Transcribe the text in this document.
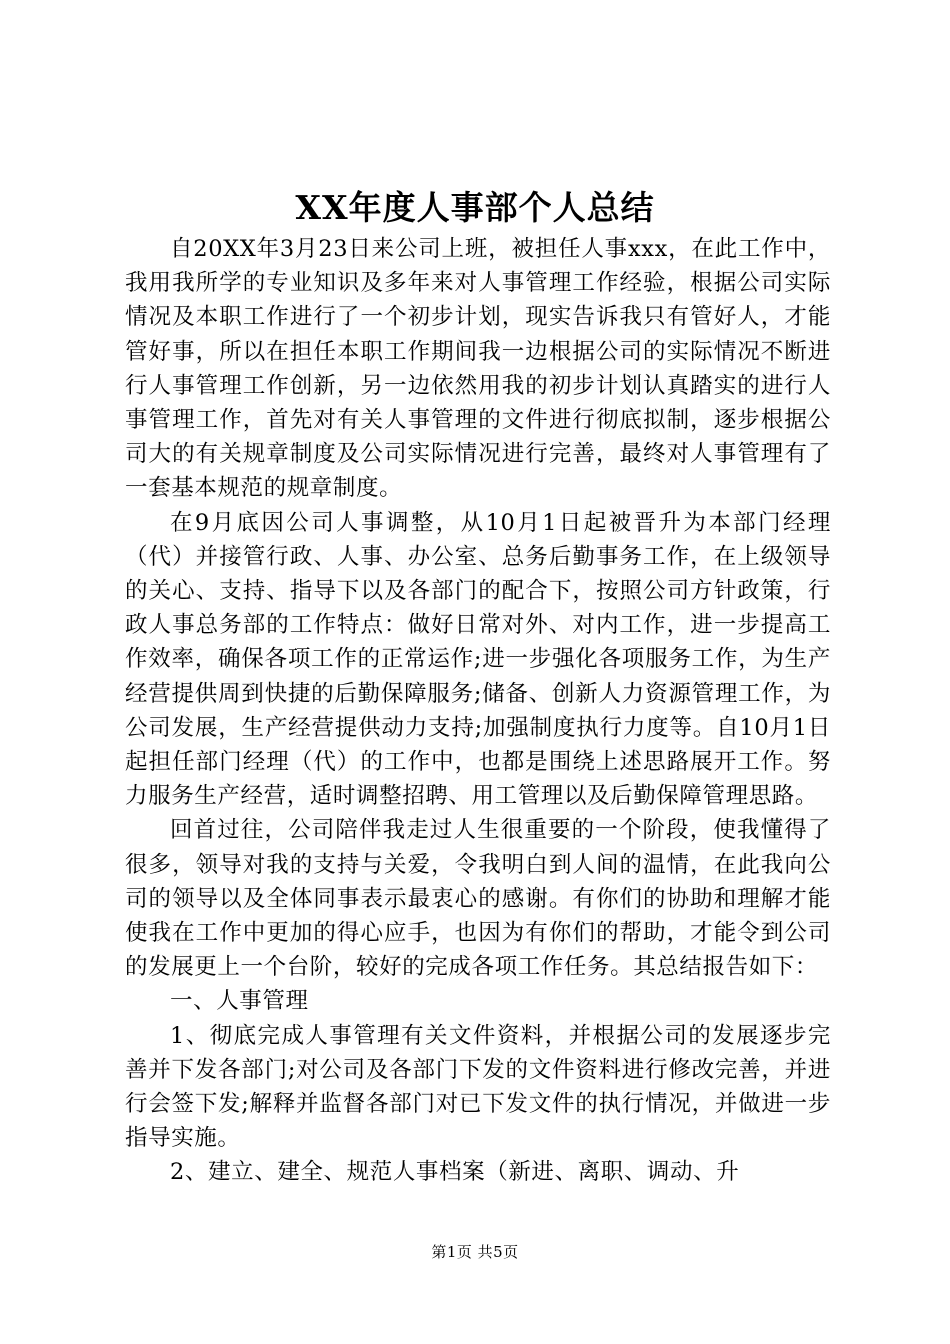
XX年度人事部个人总结

自20XX年3月23日来公司上班，被担任人事xxx，在此工作中，我用我所学的专业知识及多年来对人事管理工作经验，根据公司实际情况及本职工作进行了一个初步计划，现实告诉我只有管好人，才能管好事，所以在担任本职工作期间我一边根据公司的实际情况不断进行人事管理工作创新，另一边依然用我的初步计划认真踏实的进行人事管理工作，首先对有关人事管理的文件进行彻底拟制，逐步根据公司大的有关规章制度及公司实际情况进行完善，最终对人事管理有了一套基本规范的规章制度。

在9月底因公司人事调整，从10月1日起被晋升为本部门经理（代）并接管行政、人事、办公室、总务后勤事务工作，在上级领导的关心、支持、指导下以及各部门的配合下，按照公司方针政策，行政人事总务部的工作特点：做好日常对外、对内工作，进一步提高工作效率，确保各项工作的正常运作;进一步强化各项服务工作，为生产经营提供周到快捷的后勤保障服务;储备、创新人力资源管理工作，为公司发展，生产经营提供动力支持;加强制度执行力度等。自10月1日起担任部门经理（代）的工作中，也都是围绕上述思路展开工作。努力服务生产经营，适时调整招聘、用工管理以及后勤保障管理思路。

回首过往，公司陪伴我走过人生很重要的一个阶段，使我懂得了很多，领导对我的支持与关爱，令我明白到人间的温情，在此我向公司的领导以及全体同事表示最衷心的感谢。有你们的协助和理解才能使我在工作中更加的得心应手，也因为有你们的帮助，才能令到公司的发展更上一个台阶，较好的完成各项工作任务。其总结报告如下：

一、人事管理

1、彻底完成人事管理有关文件资料，并根据公司的发展逐步完善并下发各部门;对公司及各部门下发的文件资料进行修改完善，并进行会签下发;解释并监督各部门对已下发文件的执行情况，并做进一步指导实施。

2、建立、建全、规范人事档案（新进、离职、调动、升

第1页 共5页
